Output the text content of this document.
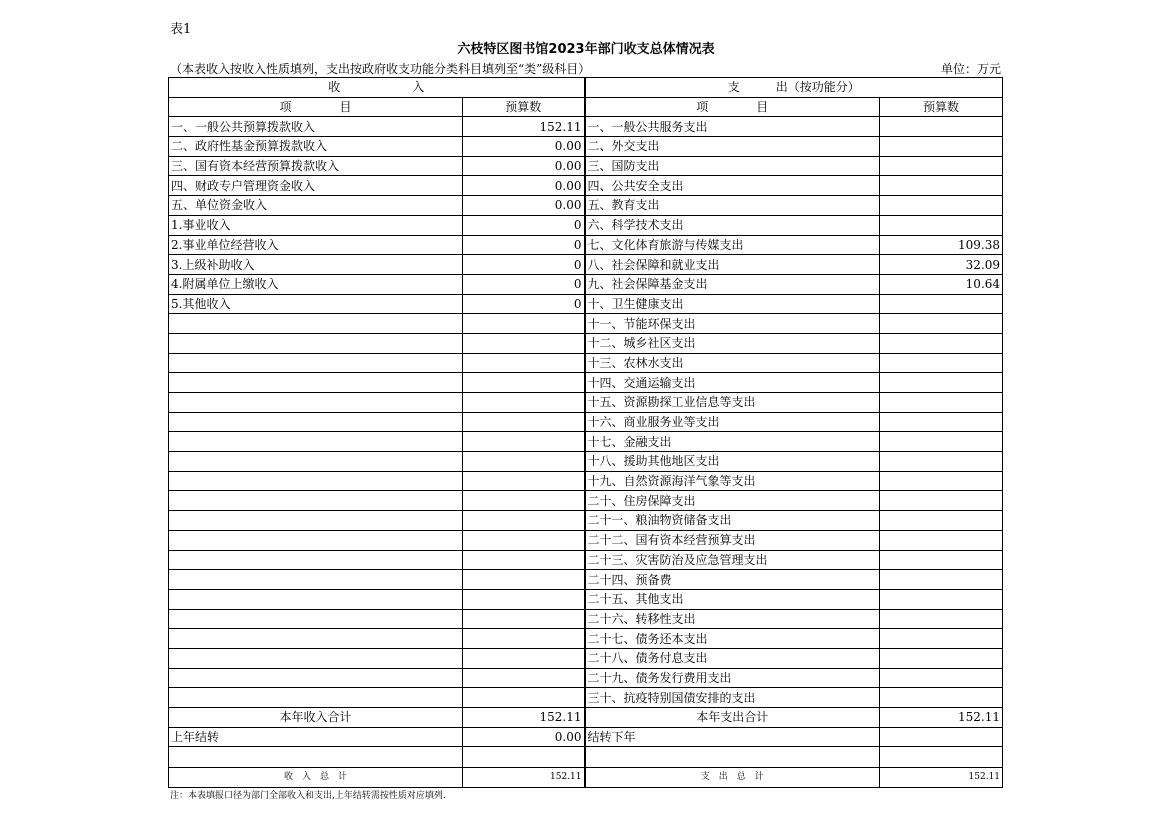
表1
六枝特区图书馆2023年部门收支总体情况表
（本表收入按收入性质填列，支出按政府收支功能分类科目填列至“类”级科目）	单位：万元
收　　　　　　入		支　　　出（按功能分）	
项　　　　目	预算数	项　　　　目	预算数
一、一般公共预算拨款收入	152.11	一、一般公共服务支出	
二、政府性基金预算拨款收入	0.00	二、外交支出	
三、国有资本经营预算拨款收入	0.00	三、国防支出	
四、财政专户管理资金收入	0.00	四、公共安全支出	
五、单位资金收入	0.00	五、教育支出	
1.事业收入	0	六、科学技术支出	
2.事业单位经营收入	0	七、文化体育旅游与传媒支出	109.38
3.上级补助收入	0	八、社会保障和就业支出	32.09
4.附属单位上缴收入	0	九、社会保障基金支出	10.64
5.其他收入	0	十、卫生健康支出	
		十一、节能环保支出	
		十二、城乡社区支出	
		十三、农林水支出	
		十四、交通运输支出	
		十五、资源勘探工业信息等支出	
		十六、商业服务业等支出	
		十七、金融支出	
		十八、援助其他地区支出	
		十九、自然资源海洋气象等支出	
		二十、住房保障支出	
		二十一、粮油物资储备支出	
		二十二、国有资本经营预算支出	
		二十三、灾害防治及应急管理支出	
		二十四、预备费	
		二十五、其他支出	
		二十六、转移性支出	
		二十七、债务还本支出	
		二十八、债务付息支出	
		二十九、债务发行费用支出	
		三十、抗疫特别国债安排的支出	
本年收入合计	152.11	本年支出合计	152.11
上年结转	0.00	结转下年	

收　入　总　计	152.11	支　出　总　计	152.11
注：本表填报口径为部门全部收入和支出,上年结转需按性质对应填列.
